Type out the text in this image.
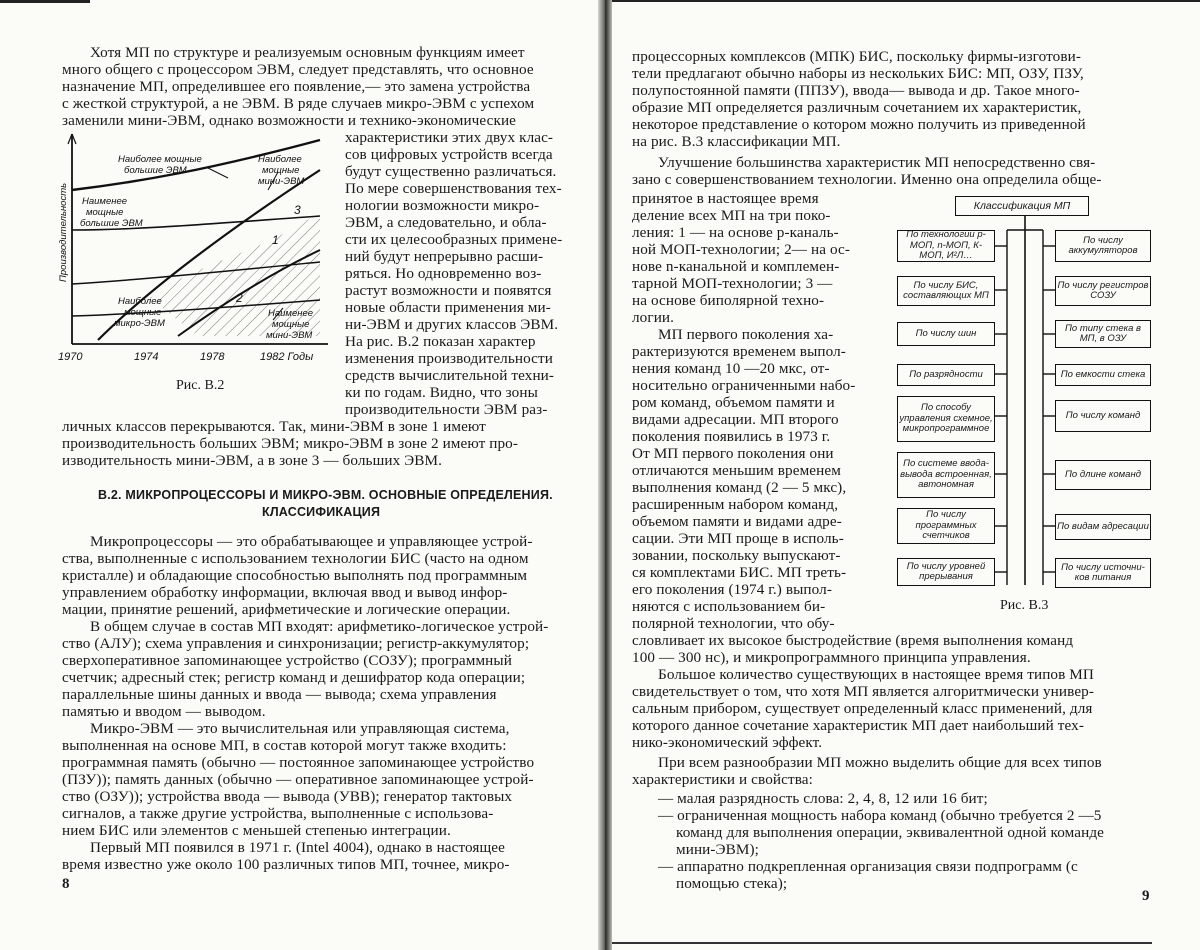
Хотя МП по структуре и реализуемым основным функциям имеет
много общего с процессором ЭВМ, следует представлять, что основное
назначение МП, определившее его появление,— это замена устройства
с жесткой структурой, а не ЭВМ. В ряде случаев микро-ЭВМ с успехом
заменили мини-ЭВМ, однако возможности и технико-экономические
характеристики этих двух клас-
сов цифровых устройств всегда
будут существенно различаться.
По мере совершенствования тех-
нологии возможности микро-
ЭВМ, а следовательно, и обла-
сти их целесообразных примене-
ний будут непрерывно расши-
ряться. Но одновременно воз-
растут возможности и появятся
новые области применения ми-
ни-ЭВМ и других классов ЭВМ.
На рис. В.2 показан характер
изменения производительности
средств вычислительной техни-
ки по годам. Видно, что зоны
производительности ЭВМ раз-
Наиболее мощные
большие ЭВМ
Наиболее
мощные
мини-ЭВМ
Наименее
мощные
большие ЭВМ
Наиболее
мощные
микро-ЭВМ
Наименее
мощные
мини-ЭВМ
1
2
3
Производительность
1970	1974	1978	1982 Годы
Рис. В.2
личных классов перекрываются. Так, мини-ЭВМ в зоне 1 имеют
производительность больших ЭВМ; микро-ЭВМ в зоне 2 имеют про-
изводительность мини-ЭВМ, а в зоне 3 — больших ЭВМ.
В.2. МИКРОПРОЦЕССОРЫ И МИКРО-ЭВМ. ОСНОВНЫЕ ОПРЕДЕЛЕНИЯ.
КЛАССИФИКАЦИЯ
Микропроцессоры — это обрабатывающее и управляющее устрой-
ства, выполненные с использованием технологии БИС (часто на одном
кристалле) и обладающие способностью выполнять под программным
управлением обработку информации, включая ввод и вывод инфор-
мации, принятие решений, арифметические и логические операции.
В общем случае в состав МП входят: арифметико-логическое устрой-
ство (АЛУ); схема управления и синхронизации; регистр-аккумулятор;
сверхоперативное запоминающее устройство (СОЗУ); программный
счетчик; адресный стек; регистр команд и дешифратор кода операции;
параллельные шины данных и ввода — вывода; схема управления
памятью и вводом — выводом.
Микро-ЭВМ — это вычислительная или управляющая система,
выполненная на основе МП, в состав которой могут также входить:
программная память (обычно — постоянное запоминающее устройство
(ПЗУ)); память данных (обычно — оперативное запоминающее устрой-
ство (ОЗУ)); устройства ввода — вывода (УВВ); генератор тактовых
сигналов, а также другие устройства, выполненные с использова-
нием БИС или элементов с меньшей степенью интеграции.
Первый МП появился в 1971 г. (Intel 4004), однако в настоящее
время известно уже около 100 различных типов МП, точнее, микро-
8
процессорных комплексов (МПК) БИС, поскольку фирмы-изготови-
тели предлагают обычно наборы из нескольких БИС: МП, ОЗУ, ПЗУ,
полупостоянной памяти (ППЗУ), ввода— вывода и др. Такое много-
образие МП определяется различным сочетанием их характеристик,
некоторое представление о котором можно получить из приведенной
на рис. В.3 классификации МП.
Улучшение большинства характеристик МП непосредственно свя-
зано с совершенствованием технологии. Именно она определила обще-
принятое в настоящее время
деление всех МП на три поко-
ления: 1 — на основе р-каналь-
ной МОП-технологии; 2— на ос-
нове n-канальной и комплемен-
тарной МОП-технологии; 3 —
на основе биполярной техно-
логии.
МП первого поколения ха-
рактеризуются временем выпол-
нения команд 10 —20 мкс, от-
носительно ограниченными набо-
ром команд, объемом памяти и
видами адресации. МП второго
поколения появились в 1973 г.
От МП первого поколения они
отличаются меньшим временем
выполнения команд (2 — 5 мкс),
расширенным набором команд,
объемом памяти и видами адре-
сации. Эти МП проще в исполь-
зовании, поскольку выпускают-
ся комплектами БИС. МП треть-
его поколения (1974 г.) выпол-
няются с использованием би-
полярной технологии, что обу-
Классификация МП
По технологии р-МОП, n-МОП, К-МОП, И²Л…
По числу БИС, составляющих МП
По числу шин
По разрядности
По способу управления схемное, микропрограммное
По системе ввода-вывода встроенная, автономная
По числу программных счетчиков
По числу уровней прерывания
По числу аккумуляторов
По числу регистров СОЗУ
По типу стека в МП, в ОЗУ
По емкости стека
По числу команд
По длине команд
По видам адресации
По числу источни- ков питания
Рис. В.3
словливает их высокое быстродействие (время выполнения команд
100 — 300 нс), и микропрограммного принципа управления.
Большое количество существующих в настоящее время типов МП
свидетельствует о том, что хотя МП является алгоритмически универ-
сальным прибором, существует определенный класс применений, для
которого данное сочетание характеристик МП дает наибольший тех-
нико-экономический эффект.
При всем разнообразии МП можно выделить общие для всех типов
характеристики и свойства:
— малая разрядность слова: 2, 4, 8, 12 или 16 бит;
— ограниченная мощность набора команд (обычно требуется 2 —5
команд для выполнения операции, эквивалентной одной команде
мини-ЭВМ);
— аппаратно подкрепленная организация связи подпрограмм (с
помощью стека);
9
